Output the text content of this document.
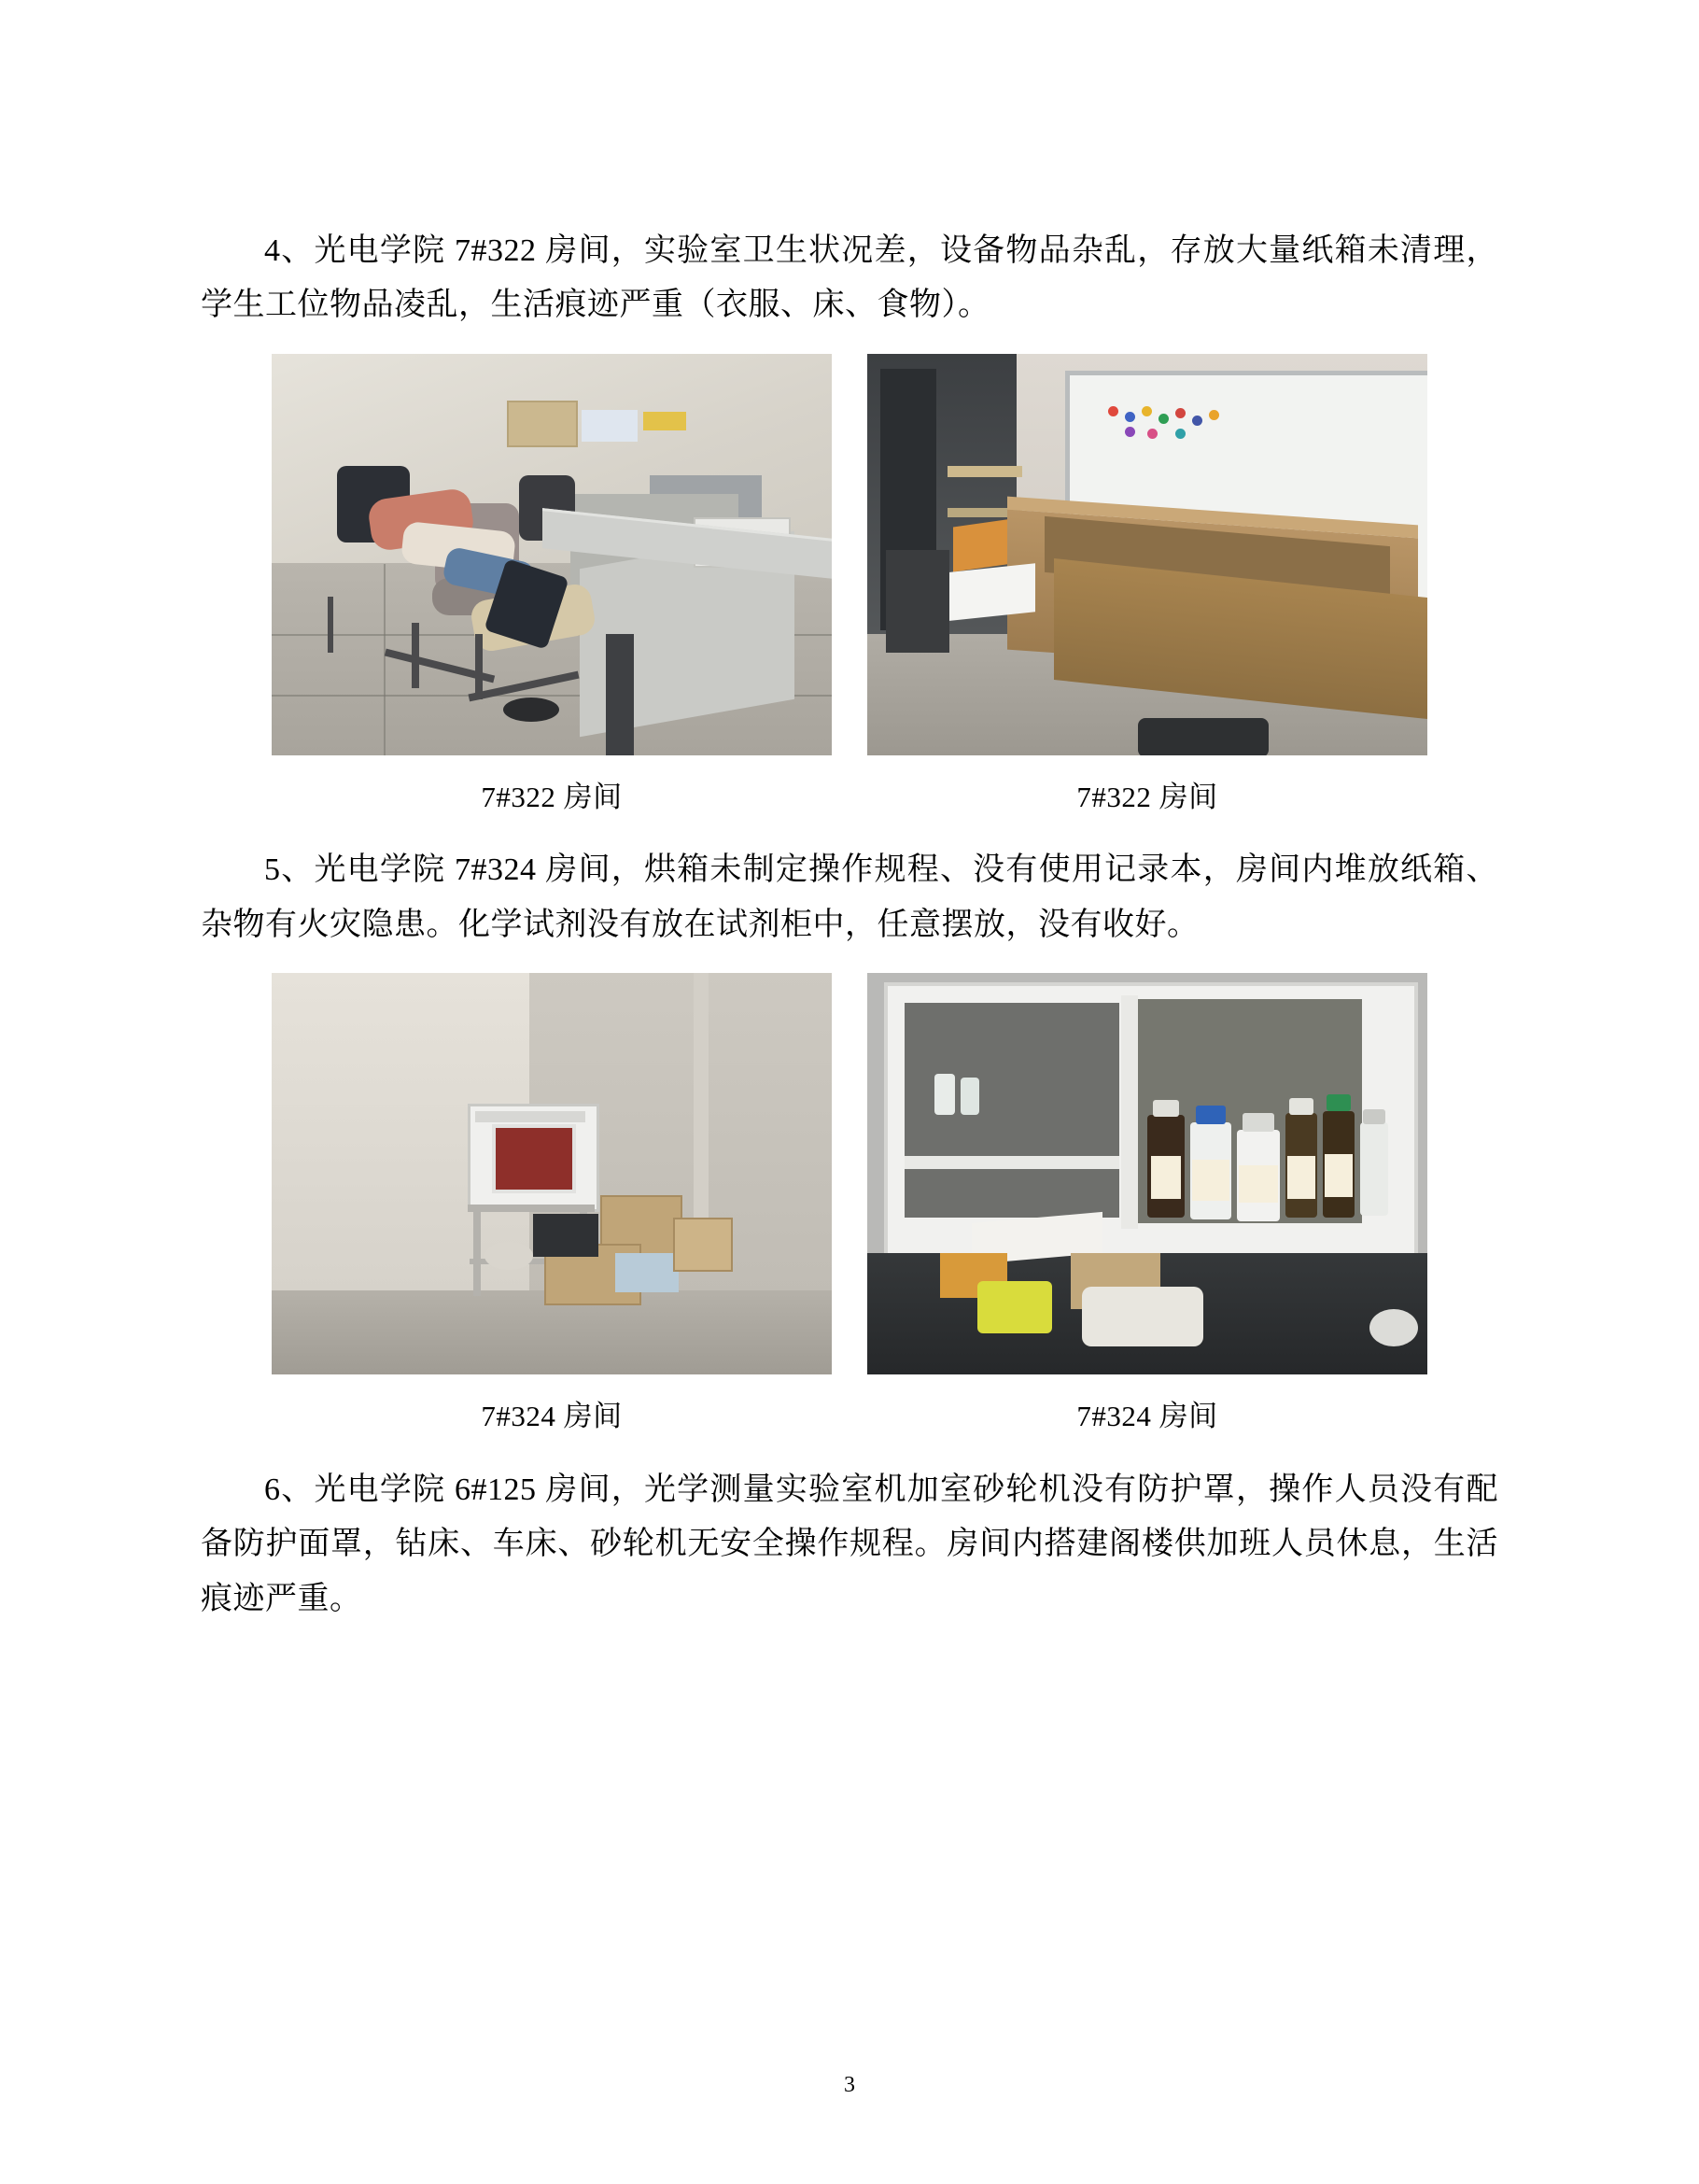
4、光电学院 7#322 房间，实验室卫生状况差，设备物品杂乱，存放大量纸箱未清理，学生工位物品凌乱，生活痕迹严重（衣服、床、食物）。

7#322 房间	7#322 房间

5、光电学院 7#324 房间，烘箱未制定操作规程、没有使用记录本，房间内堆放纸箱、杂物有火灾隐患。化学试剂没有放在试剂柜中，任意摆放，没有收好。

7#324 房间	7#324 房间

6、光电学院 6#125 房间，光学测量实验室机加室砂轮机没有防护罩，操作人员没有配备防护面罩，钻床、车床、砂轮机无安全操作规程。房间内搭建阁楼供加班人员休息，生活痕迹严重。

3
